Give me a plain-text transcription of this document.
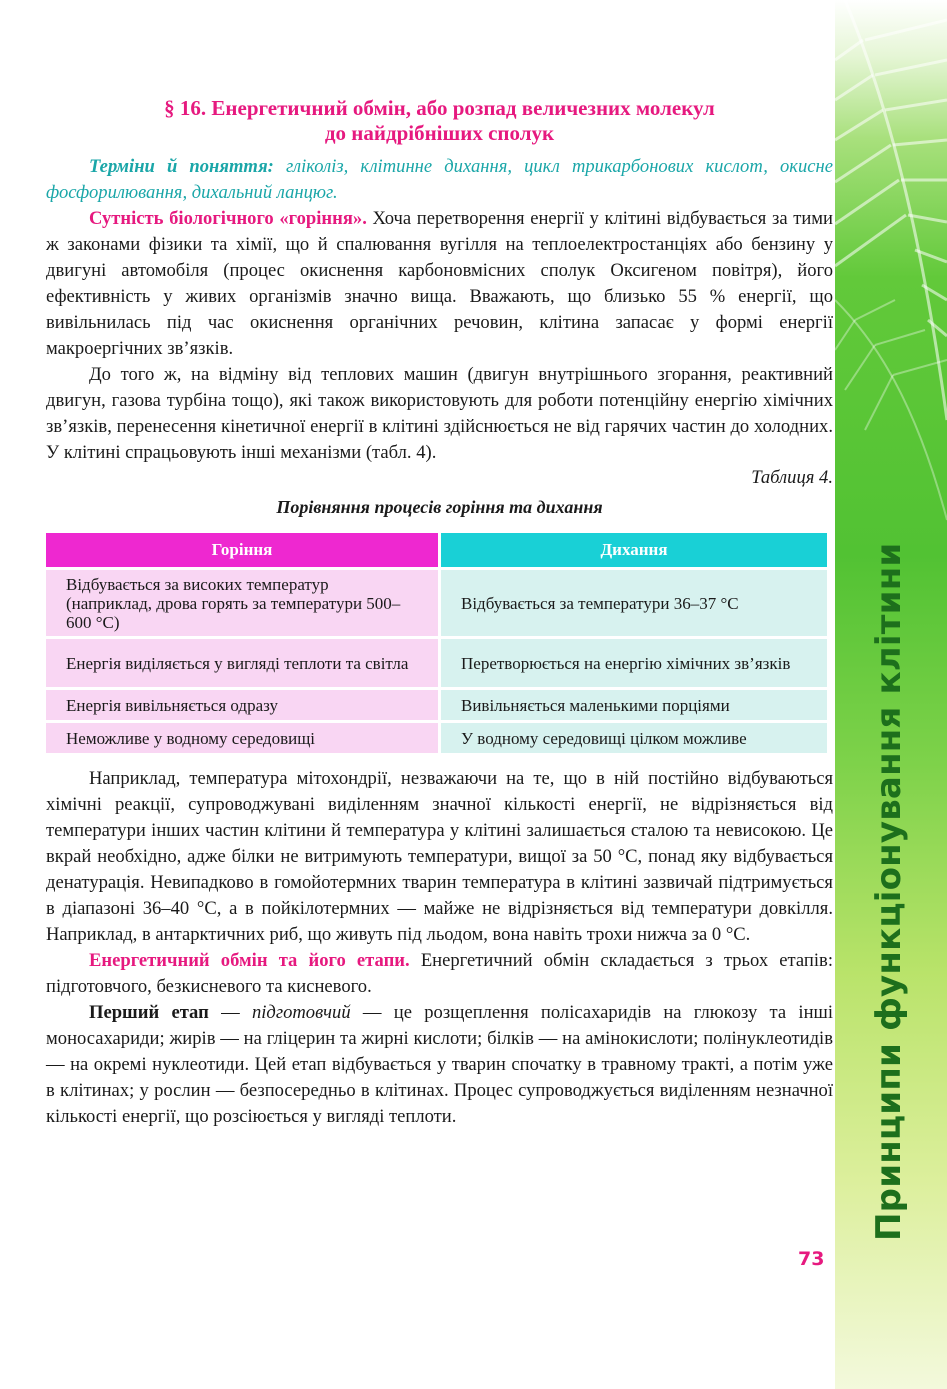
Принципи функціонування клітини
§ 16. Енергетичний обмін, або розпад величезних молекул
до найдрібніших сполук

Терміни й поняття: гліколіз, клітинне дихання, цикл трикарбонових кислот, окисне фосфорилювання, дихальний ланцюг.

Сутність біологічного «горіння». Хоча перетворення енергії у клітині відбувається за тими ж законами фізики та хімії, що й спалювання вугілля на теплоелектростанціях або бензину у двигуні автомобіля (процес окиснення карбоновмісних сполук Оксигеном повітря), його ефективність у живих організмів значно вища. Вважають, що близько 55 % енергії, що вивільнилась під час окиснення органічних речовин, клітина запасає у формі енергії макроергічних зв’язків.

До того ж, на відміну від теплових машин (двигун внутрішнього згорання, реактивний двигун, газова турбіна тощо), які також використовують для роботи потенційну енергію хімічних зв’язків, перенесення кінетичної енергії в клітині здійснюється не від гарячих частин до холодних. У клітині спрацьовують інші механізми (табл. 4).

Таблиця 4.

Порівняння процесів горіння та дихання

Горіння	Дихання
Відбувається за високих температур (наприклад, дрова горять за температури 500–600 °C)	Відбувається за температури 36–37 °C
Енергія виділяється у вигляді теплоти та світла	Перетворюється на енергію хімічних зв’язків
Енергія вивільняється одразу	Вивільняється маленькими порціями
Неможливе у водному середовищі	У водному середовищі цілком можливе

Наприклад, температура мітохондрії, незважаючи на те, що в ній постійно відбуваються хімічні реакції, супроводжувані виділенням значної кількості енергії, не відрізняється від температури інших частин клітини й температура у клітині залишається сталою та невисокою. Це вкрай необхідно, адже білки не витримують температури, вищої за 50 °C, понад яку відбувається денатурація. Невипадково в гомойотермних тварин температура в клітині зазвичай підтримується в діапазоні 36–40 °C, а в пойкілотермних — майже не відрізняється від температури довкілля. Наприклад, в антарктичних риб, що живуть під льодом, вона навіть трохи нижча за 0 °C.

Енергетичний обмін та його етапи. Енергетичний обмін складається з трьох етапів: підготовчого, безкисневого та кисневого.

Перший етап — підготовчий — це розщеплення полісахаридів на глюкозу та інші моносахариди; жирів — на гліцерин та жирні кислоти; білків — на амінокислоти; полінуклеотидів — на окремі нуклеотиди. Цей етап відбувається у тварин спочатку в травному тракті, а потім уже в клітинах; у рослин — безпосередньо в клітинах. Процес супроводжується виділенням незначної кількості енергії, що розсіюється у вигляді теплоти.

73
